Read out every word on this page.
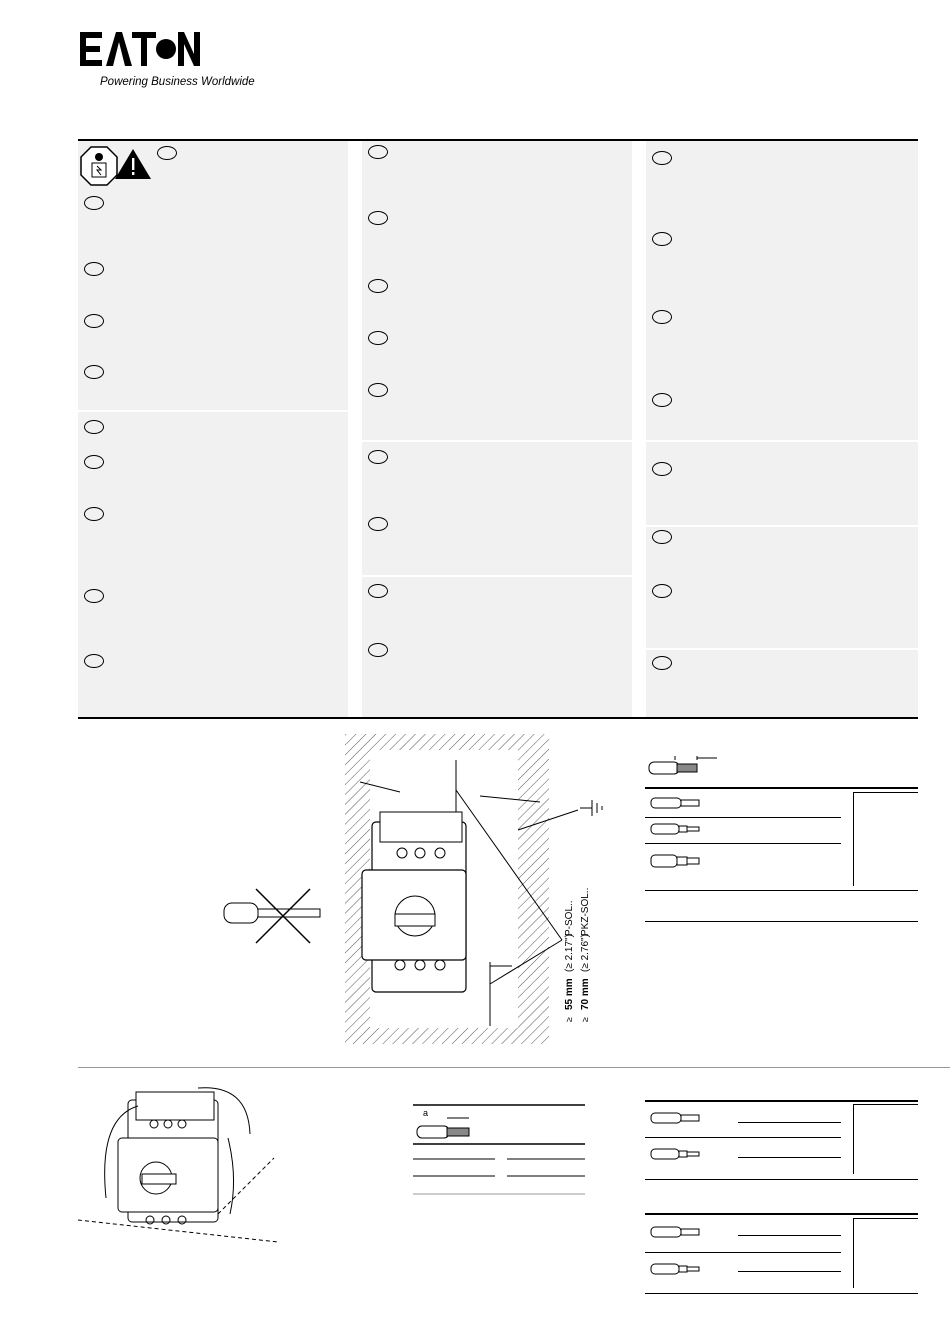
Powering Business Worldwide
55 mm
(≥ 2.17")
P-SOL..
70 mm
(≥ 2.76")
PKZ-SOL..
≥ ≥
a
